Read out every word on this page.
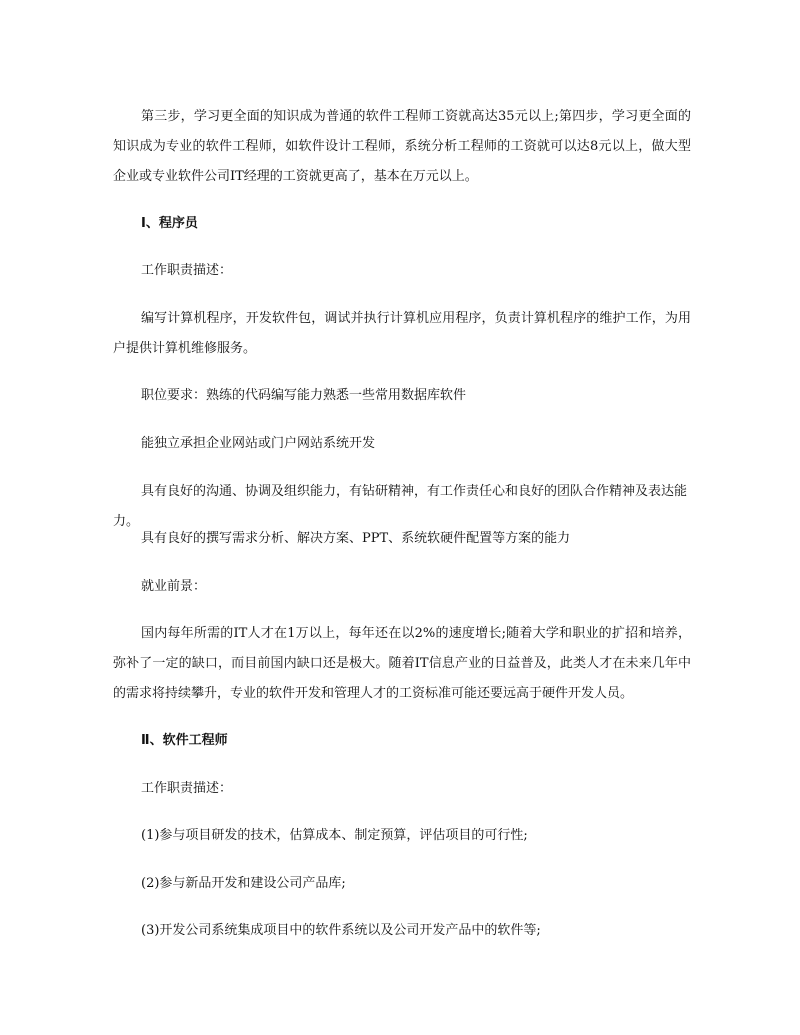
第三步，学习更全面的知识成为普通的软件工程师工资就高达35元以上;第四步，学习更全面的知识成为专业的软件工程师，如软件设计工程师，系统分析工程师的工资就可以达8元以上，做大型企业或专业软件公司IT经理的工资就更高了，基本在万元以上。

Ⅰ、程序员

工作职责描述：

编写计算机程序，开发软件包，调试并执行计算机应用程序，负责计算机程序的维护工作，为用户提供计算机维修服务。

职位要求：熟练的代码编写能力熟悉一些常用数据库软件

能独立承担企业网站或门户网站系统开发

具有良好的沟通、协调及组织能力，有钻研精神，有工作责任心和良好的团队合作精神及表达能力。

具有良好的撰写需求分析、解决方案、PPT、系统软硬件配置等方案的能力

就业前景：

国内每年所需的IT人才在1万以上，每年还在以2%的速度增长;随着大学和职业的扩招和培养，弥补了一定的缺口，而目前国内缺口还是极大。随着IT信息产业的日益普及，此类人才在未来几年中的需求将持续攀升，专业的软件开发和管理人才的工资标准可能还要远高于硬件开发人员。

Ⅱ、软件工程师

工作职责描述：

(1)参与项目研发的技术，估算成本、制定预算，评估项目的可行性;

(2)参与新品开发和建设公司产品库;

(3)开发公司系统集成项目中的软件系统以及公司开发产品中的软件等;
